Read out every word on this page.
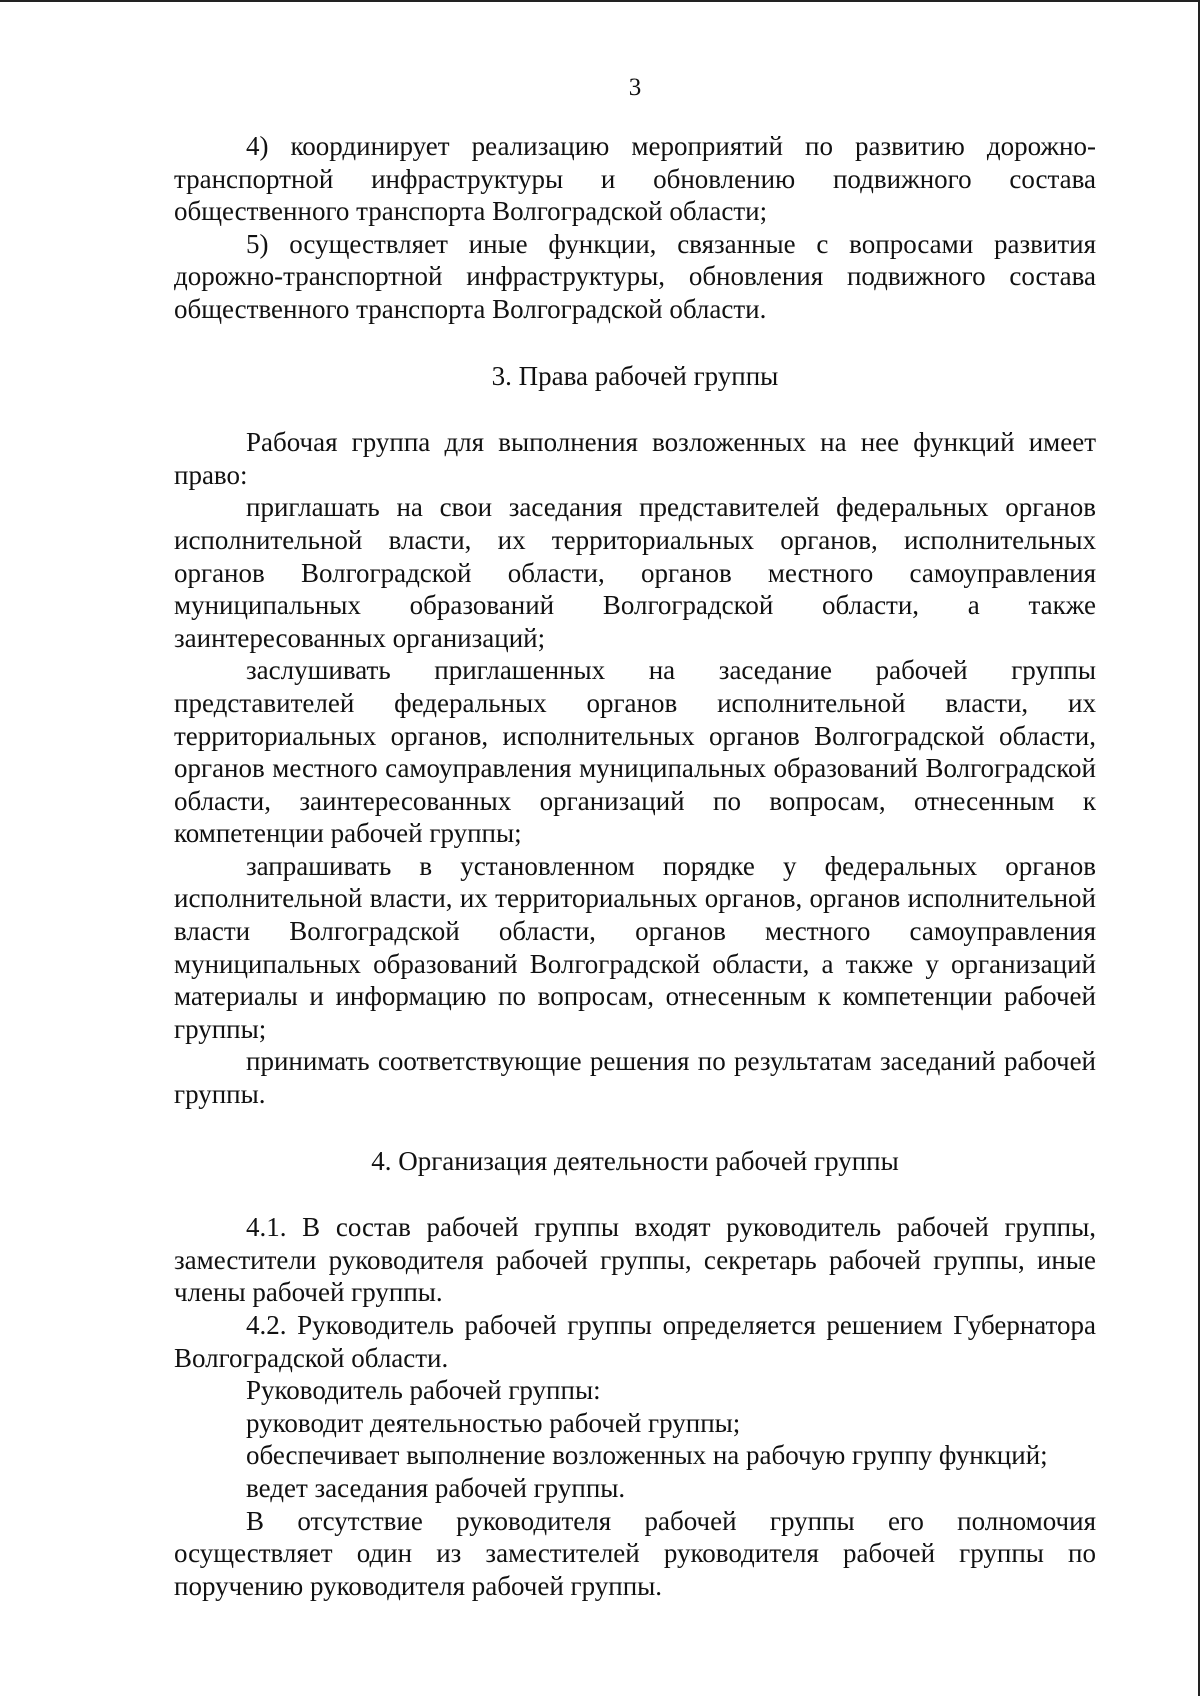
3

4) координирует реализацию мероприятий по развитию дорожно-транспортной инфраструктуры и обновлению подвижного состава общественного транспорта Волгоградской области;

5) осуществляет иные функции, связанные с вопросами развития дорожно-транспортной инфраструктуры, обновления подвижного состава общественного транспорта Волгоградской области.

3. Права рабочей группы

Рабочая группа для выполнения возложенных на нее функций имеет право:

приглашать на свои заседания представителей федеральных органов исполнительной власти, их территориальных органов, исполнительных органов Волгоградской области, органов местного самоуправления муниципальных образований Волгоградской области, а также заинтересованных организаций;

заслушивать приглашенных на заседание рабочей группы представителей федеральных органов исполнительной власти, их территориальных органов, исполнительных органов Волгоградской области, органов местного самоуправления муниципальных образований Волгоградской области, заинтересованных организаций по вопросам, отнесенным к компетенции рабочей группы;

запрашивать в установленном порядке у федеральных органов исполнительной власти, их территориальных органов, органов исполнительной власти Волгоградской области, органов местного самоуправления муниципальных образований Волгоградской области, а также у организаций материалы и информацию по вопросам, отнесенным к компетенции рабочей группы;

принимать соответствующие решения по результатам заседаний рабочей группы.

4. Организация деятельности рабочей группы

4.1. В состав рабочей группы входят руководитель рабочей группы, заместители руководителя рабочей группы, секретарь рабочей группы, иные члены рабочей группы.

4.2. Руководитель рабочей группы определяется решением Губернатора Волгоградской области.

Руководитель рабочей группы:

руководит деятельностью рабочей группы;

обеспечивает выполнение возложенных на рабочую группу функций;

ведет заседания рабочей группы.

В отсутствие руководителя рабочей группы его полномочия осуществляет один из заместителей руководителя рабочей группы по поручению руководителя рабочей группы.
